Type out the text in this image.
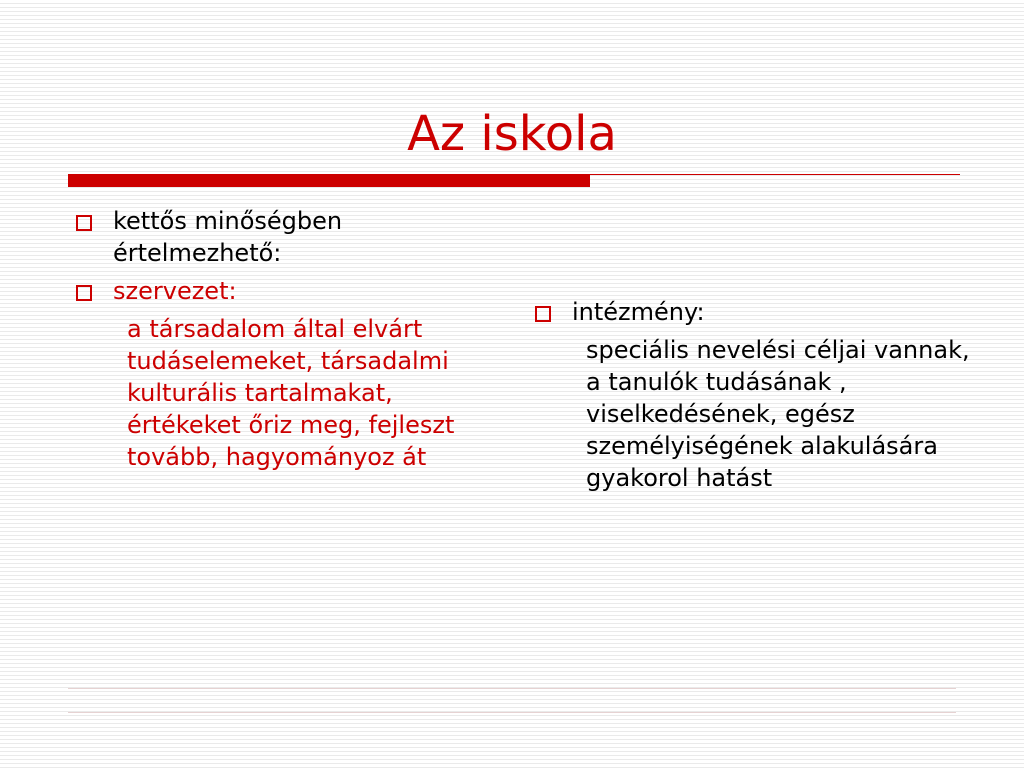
Az iskola
kettős minőségben értelmezhető:
szervezet:
a társadalom által elvárt tudáselemeket, társadalmi kulturális tartalmakat, értékeket őriz meg, fejleszt tovább, hagyományoz át
intézmény:
speciális nevelési céljai vannak, a tanulók tudásának , viselkedésének, egész személyiségének alakulására gyakorol hatást
